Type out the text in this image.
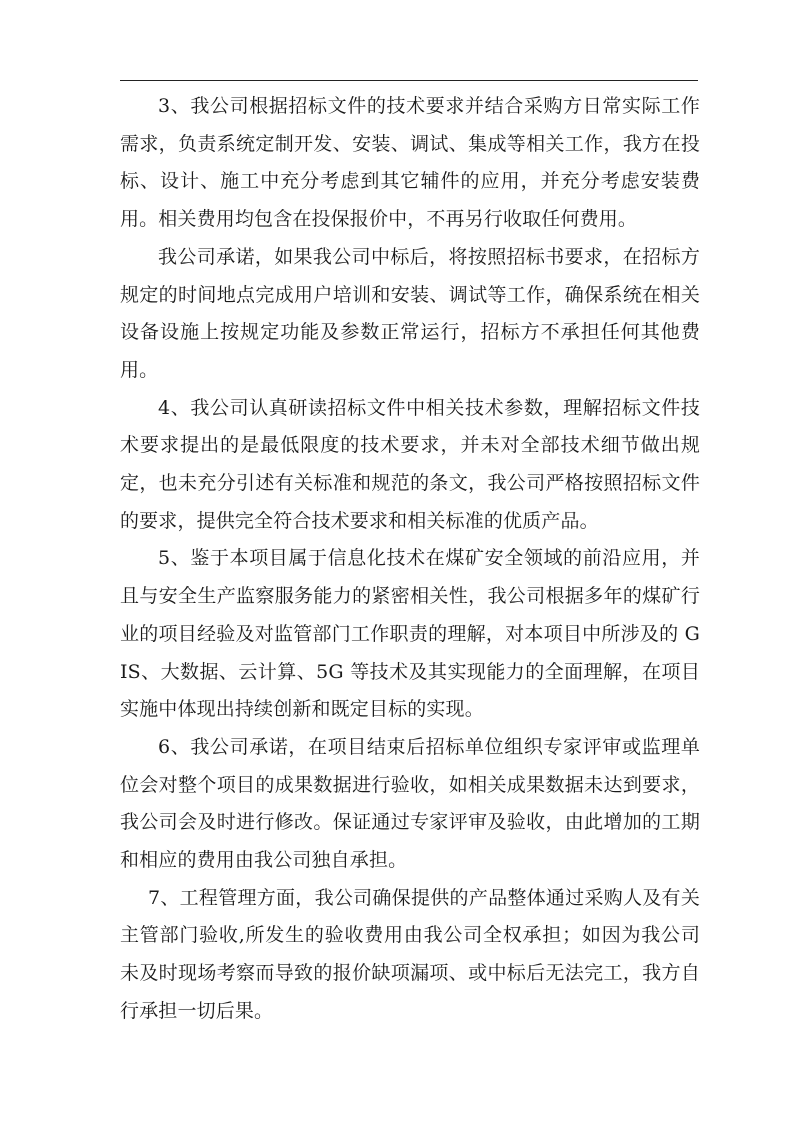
3、我公司根据招标文件的技术要求并结合采购方日常实际工作需求，负责系统定制开发、安装、调试、集成等相关工作，我方在投标、设计、施工中充分考虑到其它辅件的应用，并充分考虑安装费用。相关费用均包含在投保报价中，不再另行收取任何费用。

我公司承诺，如果我公司中标后，将按照招标书要求，在招标方规定的时间地点完成用户培训和安装、调试等工作，确保系统在相关设备设施上按规定功能及参数正常运行，招标方不承担任何其他费用。

4、我公司认真研读招标文件中相关技术参数，理解招标文件技术要求提出的是最低限度的技术要求，并未对全部技术细节做出规定，也未充分引述有关标准和规范的条文，我公司严格按照招标文件的要求，提供完全符合技术要求和相关标准的优质产品。

5、鉴于本项目属于信息化技术在煤矿安全领域的前沿应用，并且与安全生产监察服务能力的紧密相关性，我公司根据多年的煤矿行业的项目经验及对监管部门工作职责的理解，对本项目中所涉及的 GIS、大数据、云计算、5G 等技术及其实现能力的全面理解，在项目实施中体现出持续创新和既定目标的实现。

6、我公司承诺，在项目结束后招标单位组织专家评审或监理单位会对整个项目的成果数据进行验收，如相关成果数据未达到要求，我公司会及时进行修改。保证通过专家评审及验收，由此增加的工期和相应的费用由我公司独自承担。

7、工程管理方面，我公司确保提供的产品整体通过采购人及有关主管部门验收,所发生的验收费用由我公司全权承担；如因为我公司未及时现场考察而导致的报价缺项漏项、或中标后无法完工，我方自行承担一切后果。
